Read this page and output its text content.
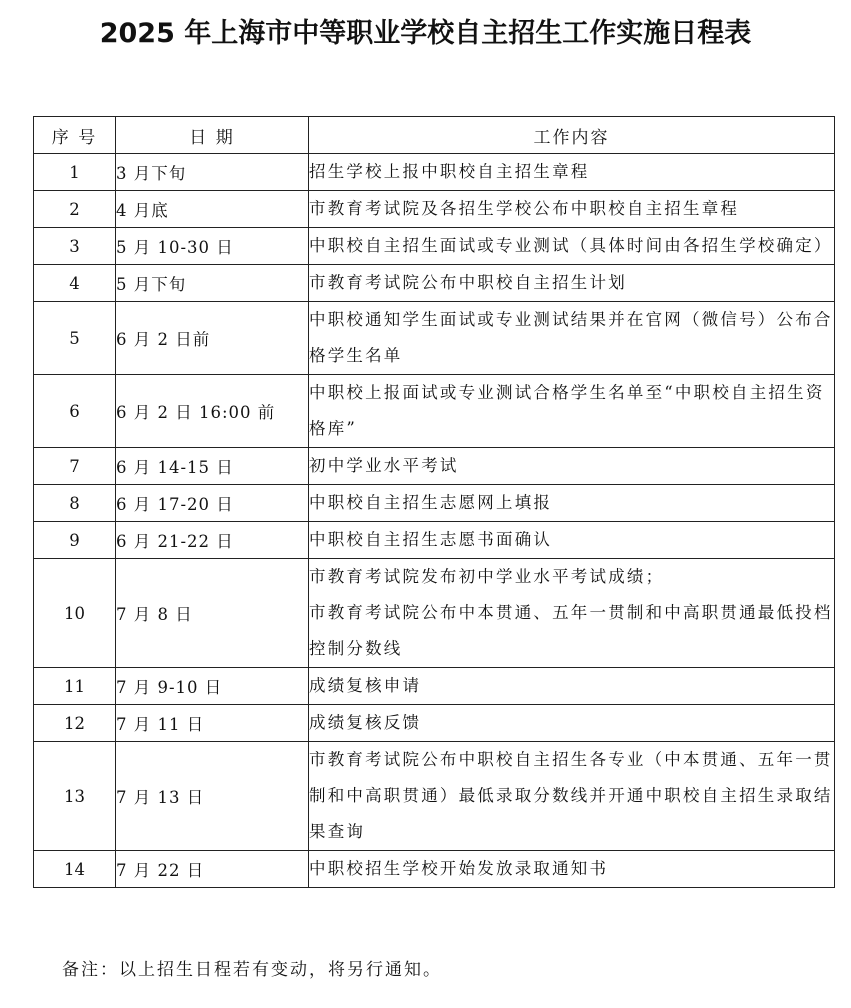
2025 年上海市中等职业学校自主招生工作实施日程表
序 号	日 期	工作内容
1	3 月下旬	招生学校上报中职校自主招生章程

2	4 月底	市教育考试院及各招生学校公布中职校自主招生章程

3	5 月 10-30 日	中职校自主招生面试或专业测试（具体时间由各招生学校确定）

4	5 月下旬	市教育考试院公布中职校自主招生计划

5	6 月 2 日前	中职校通知学生面试或专业测试结果并在官网（微信号）公布合格学生名单

6	6 月 2 日 16:00 前	中职校上报面试或专业测试合格学生名单至“中职校自主招生资格库”

7	6 月 14-15 日	初中学业水平考试

8	6 月 17-20 日	中职校自主招生志愿网上填报

9	6 月 21-22 日	中职校自主招生志愿书面确认

10	7 月 8 日	市教育考试院发布初中学业水平考试成绩；
市教育考试院公布中本贯通、五年一贯制和中高职贯通最低投档控制分数线

11	7 月 9-10 日	成绩复核申请

12	7 月 11 日	成绩复核反馈

13	7 月 13 日	市教育考试院公布中职校自主招生各专业（中本贯通、五年一贯制和中高职贯通）最低录取分数线并开通中职校自主招生录取结果查询

14	7 月 22 日	中职校招生学校开始发放录取通知书
备注：以上招生日程若有变动，将另行通知。
